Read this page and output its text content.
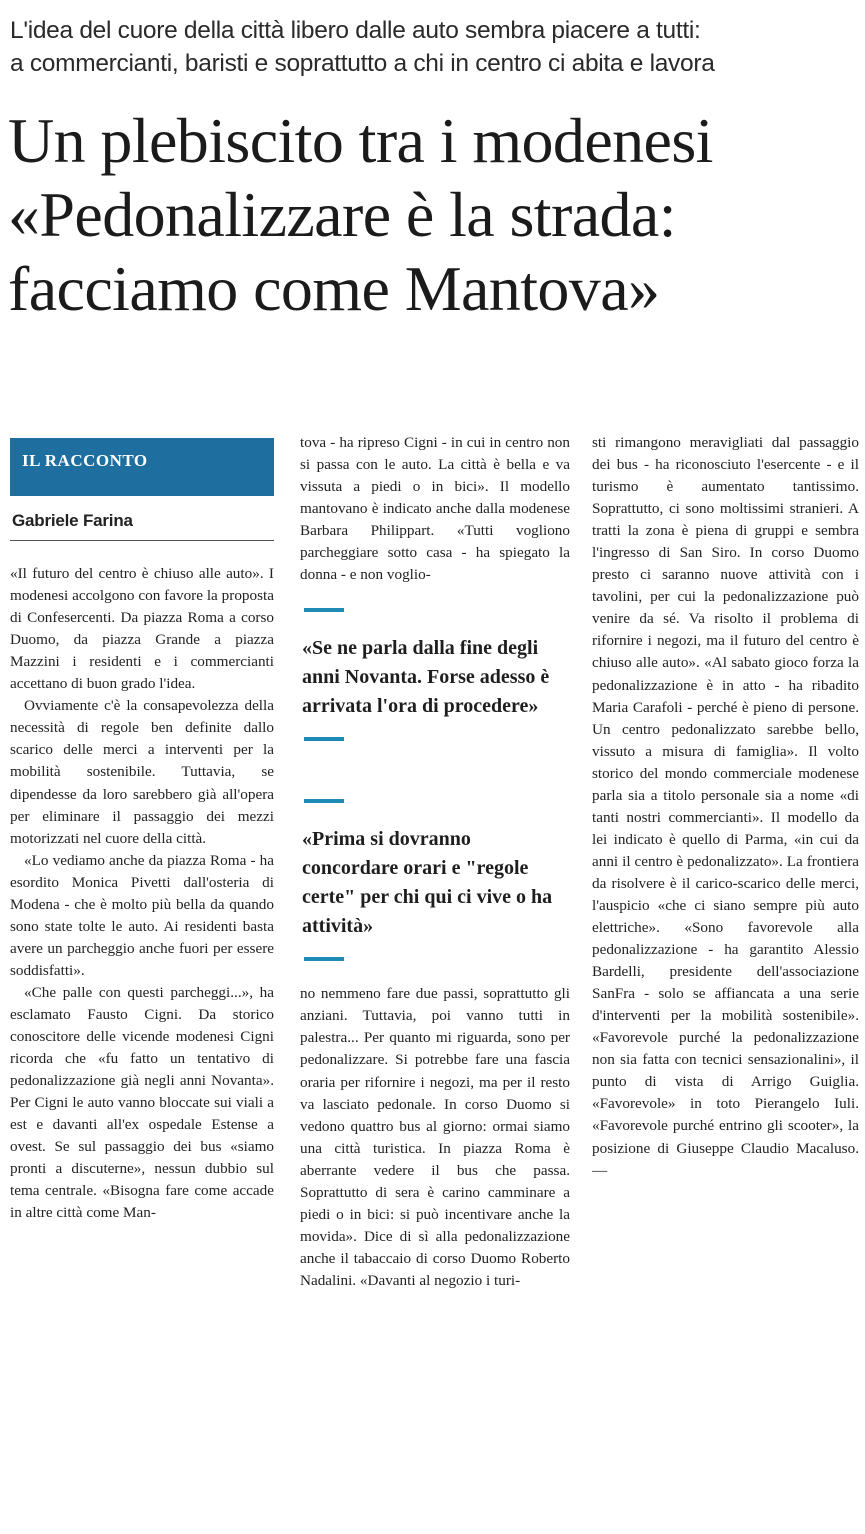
L'idea del cuore della città libero dalle auto sembra piacere a tutti:
a commercianti, baristi e soprattutto a chi in centro ci abita e lavora
Un plebiscito tra i modenesi
«Pedonalizzare è la strada:
facciamo come Mantova»
IL RACCONTO
Gabriele Farina

«Il futuro del centro è chiuso alle auto». I modenesi accolgono con favore la proposta di Confesercenti. Da piazza Roma a corso Duomo, da piazza Grande a piazza Mazzini i residenti e i commercianti accettano di buon grado l'idea.

Ovviamente c'è la consapevolezza della necessità di regole ben definite dallo scarico delle merci a interventi per la mobilità sostenibile. Tuttavia, se dipendesse da loro sarebbero già all'opera per eliminare il passaggio dei mezzi motorizzati nel cuore della città.

«Lo vediamo anche da piazza Roma - ha esordito Monica Pivetti dall'osteria di Modena - che è molto più bella da quando sono state tolte le auto. Ai residenti basta avere un parcheggio anche fuori per essere soddisfatti».

«Che palle con questi parcheggi...», ha esclamato Fausto Cigni. Da storico conoscitore delle vicende modenesi Cigni ricorda che «fu fatto un tentativo di pedonalizzazione già negli anni Novanta». Per Cigni le auto vanno bloccate sui viali a est e davanti all'ex ospedale Estense a ovest. Se sul passaggio dei bus «siamo pronti a discuterne», nessun dubbio sul tema centrale. «Bisogna fare come accade in altre città come Man-

tova - ha ripreso Cigni - in cui in centro non si passa con le auto. La città è bella e va vissuta a piedi o in bici». Il modello mantovano è indicato anche dalla modenese Barbara Philippart. «Tutti vogliono parcheggiare sotto casa - ha spiegato la donna - e non voglio-

«Se ne parla dalla fine degli anni Novanta. Forse adesso è arrivata l'ora di procedere»
«Prima si dovranno concordare orari e "regole certe" per chi qui ci vive o ha attività»

no nemmeno fare due passi, soprattutto gli anziani. Tuttavia, poi vanno tutti in palestra... Per quanto mi riguarda, sono per pedonalizzare. Si potrebbe fare una fascia oraria per rifornire i negozi, ma per il resto va lasciato pedonale. In corso Duomo si vedono quattro bus al giorno: ormai siamo una città turistica. In piazza Roma è aberrante vedere il bus che passa. Soprattutto di sera è carino camminare a piedi o in bici: si può incentivare anche la movida». Dice di sì alla pedonalizzazione anche il tabaccaio di corso Duomo Roberto Nadalini. «Davanti al negozio i turi-

sti rimangono meravigliati dal passaggio dei bus - ha riconosciuto l'esercente - e il turismo è aumentato tantissimo. Soprattutto, ci sono moltissimi stranieri. A tratti la zona è piena di gruppi e sembra l'ingresso di San Siro. In corso Duomo presto ci saranno nuove attività con i tavolini, per cui la pedonalizzazione può venire da sé. Va risolto il problema di rifornire i negozi, ma il futuro del centro è chiuso alle auto». «Al sabato gioco forza la pedonalizzazione è in atto - ha ribadito Maria Carafoli - perché è pieno di persone. Un centro pedonalizzato sarebbe bello, vissuto a misura di famiglia». Il volto storico del mondo commerciale modenese parla sia a titolo personale sia a nome «di tanti nostri commercianti». Il modello da lei indicato è quello di Parma, «in cui da anni il centro è pedonalizzato». La frontiera da risolvere è il carico-scarico delle merci, l'auspicio «che ci siano sempre più auto elettriche». «Sono favorevole alla pedonalizzazione - ha garantito Alessio Bardelli, presidente dell'associazione SanFra - solo se affiancata a una serie d'interventi per la mobilità sostenibile». «Favorevole purché la pedonalizzazione non sia fatta con tecnici sensazionalini», il punto di vista di Arrigo Guiglia. «Favorevole» in toto Pierangelo Iuli. «Favorevole purché entrino gli scooter», la posizione di Giuseppe Claudio Macaluso. —
